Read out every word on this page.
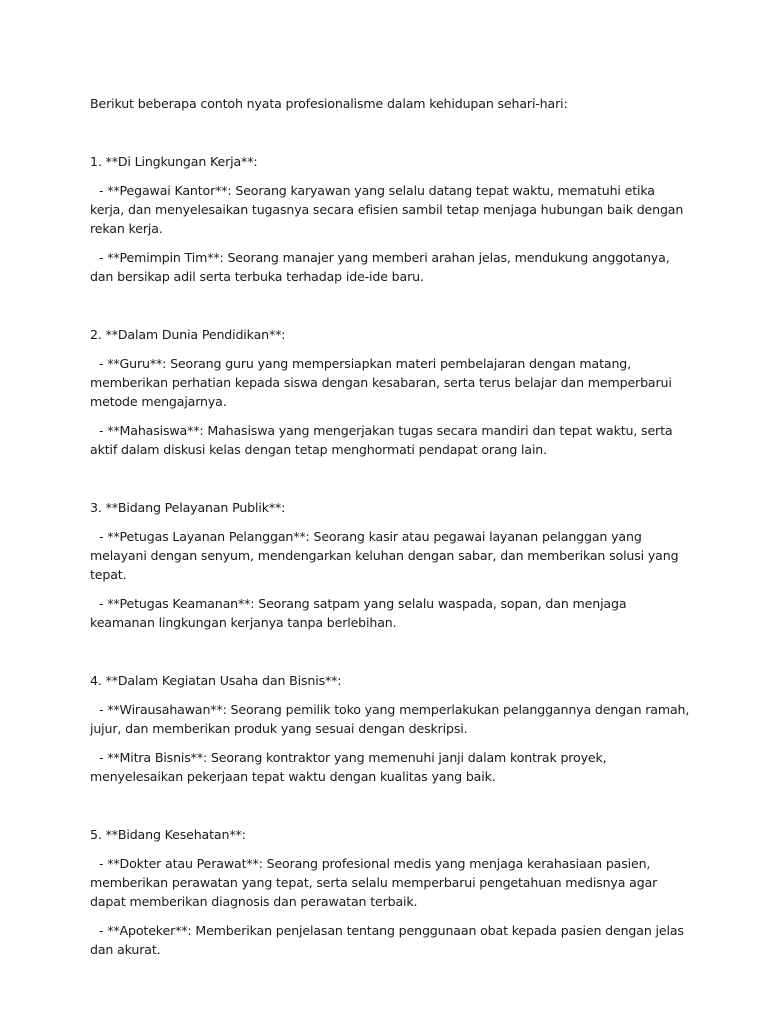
Berikut beberapa contoh nyata profesionalisme dalam kehidupan sehari-hari:

1. **Di Lingkungan Kerja**:

- **Pegawai Kantor**: Seorang karyawan yang selalu datang tepat waktu, mematuhi etika kerja, dan menyelesaikan tugasnya secara efisien sambil tetap menjaga hubungan baik dengan rekan kerja.

- **Pemimpin Tim**: Seorang manajer yang memberi arahan jelas, mendukung anggotanya, dan bersikap adil serta terbuka terhadap ide-ide baru.

2. **Dalam Dunia Pendidikan**:

- **Guru**: Seorang guru yang mempersiapkan materi pembelajaran dengan matang, memberikan perhatian kepada siswa dengan kesabaran, serta terus belajar dan memperbarui metode mengajarnya.

- **Mahasiswa**: Mahasiswa yang mengerjakan tugas secara mandiri dan tepat waktu, serta aktif dalam diskusi kelas dengan tetap menghormati pendapat orang lain.

3. **Bidang Pelayanan Publik**:

- **Petugas Layanan Pelanggan**: Seorang kasir atau pegawai layanan pelanggan yang melayani dengan senyum, mendengarkan keluhan dengan sabar, dan memberikan solusi yang tepat.

- **Petugas Keamanan**: Seorang satpam yang selalu waspada, sopan, dan menjaga keamanan lingkungan kerjanya tanpa berlebihan.

4. **Dalam Kegiatan Usaha dan Bisnis**:

- **Wirausahawan**: Seorang pemilik toko yang memperlakukan pelanggannya dengan ramah, jujur, dan memberikan produk yang sesuai dengan deskripsi.

- **Mitra Bisnis**: Seorang kontraktor yang memenuhi janji dalam kontrak proyek, menyelesaikan pekerjaan tepat waktu dengan kualitas yang baik.

5. **Bidang Kesehatan**:

- **Dokter atau Perawat**: Seorang profesional medis yang menjaga kerahasiaan pasien, memberikan perawatan yang tepat, serta selalu memperbarui pengetahuan medisnya agar dapat memberikan diagnosis dan perawatan terbaik.

- **Apoteker**: Memberikan penjelasan tentang penggunaan obat kepada pasien dengan jelas dan akurat.
